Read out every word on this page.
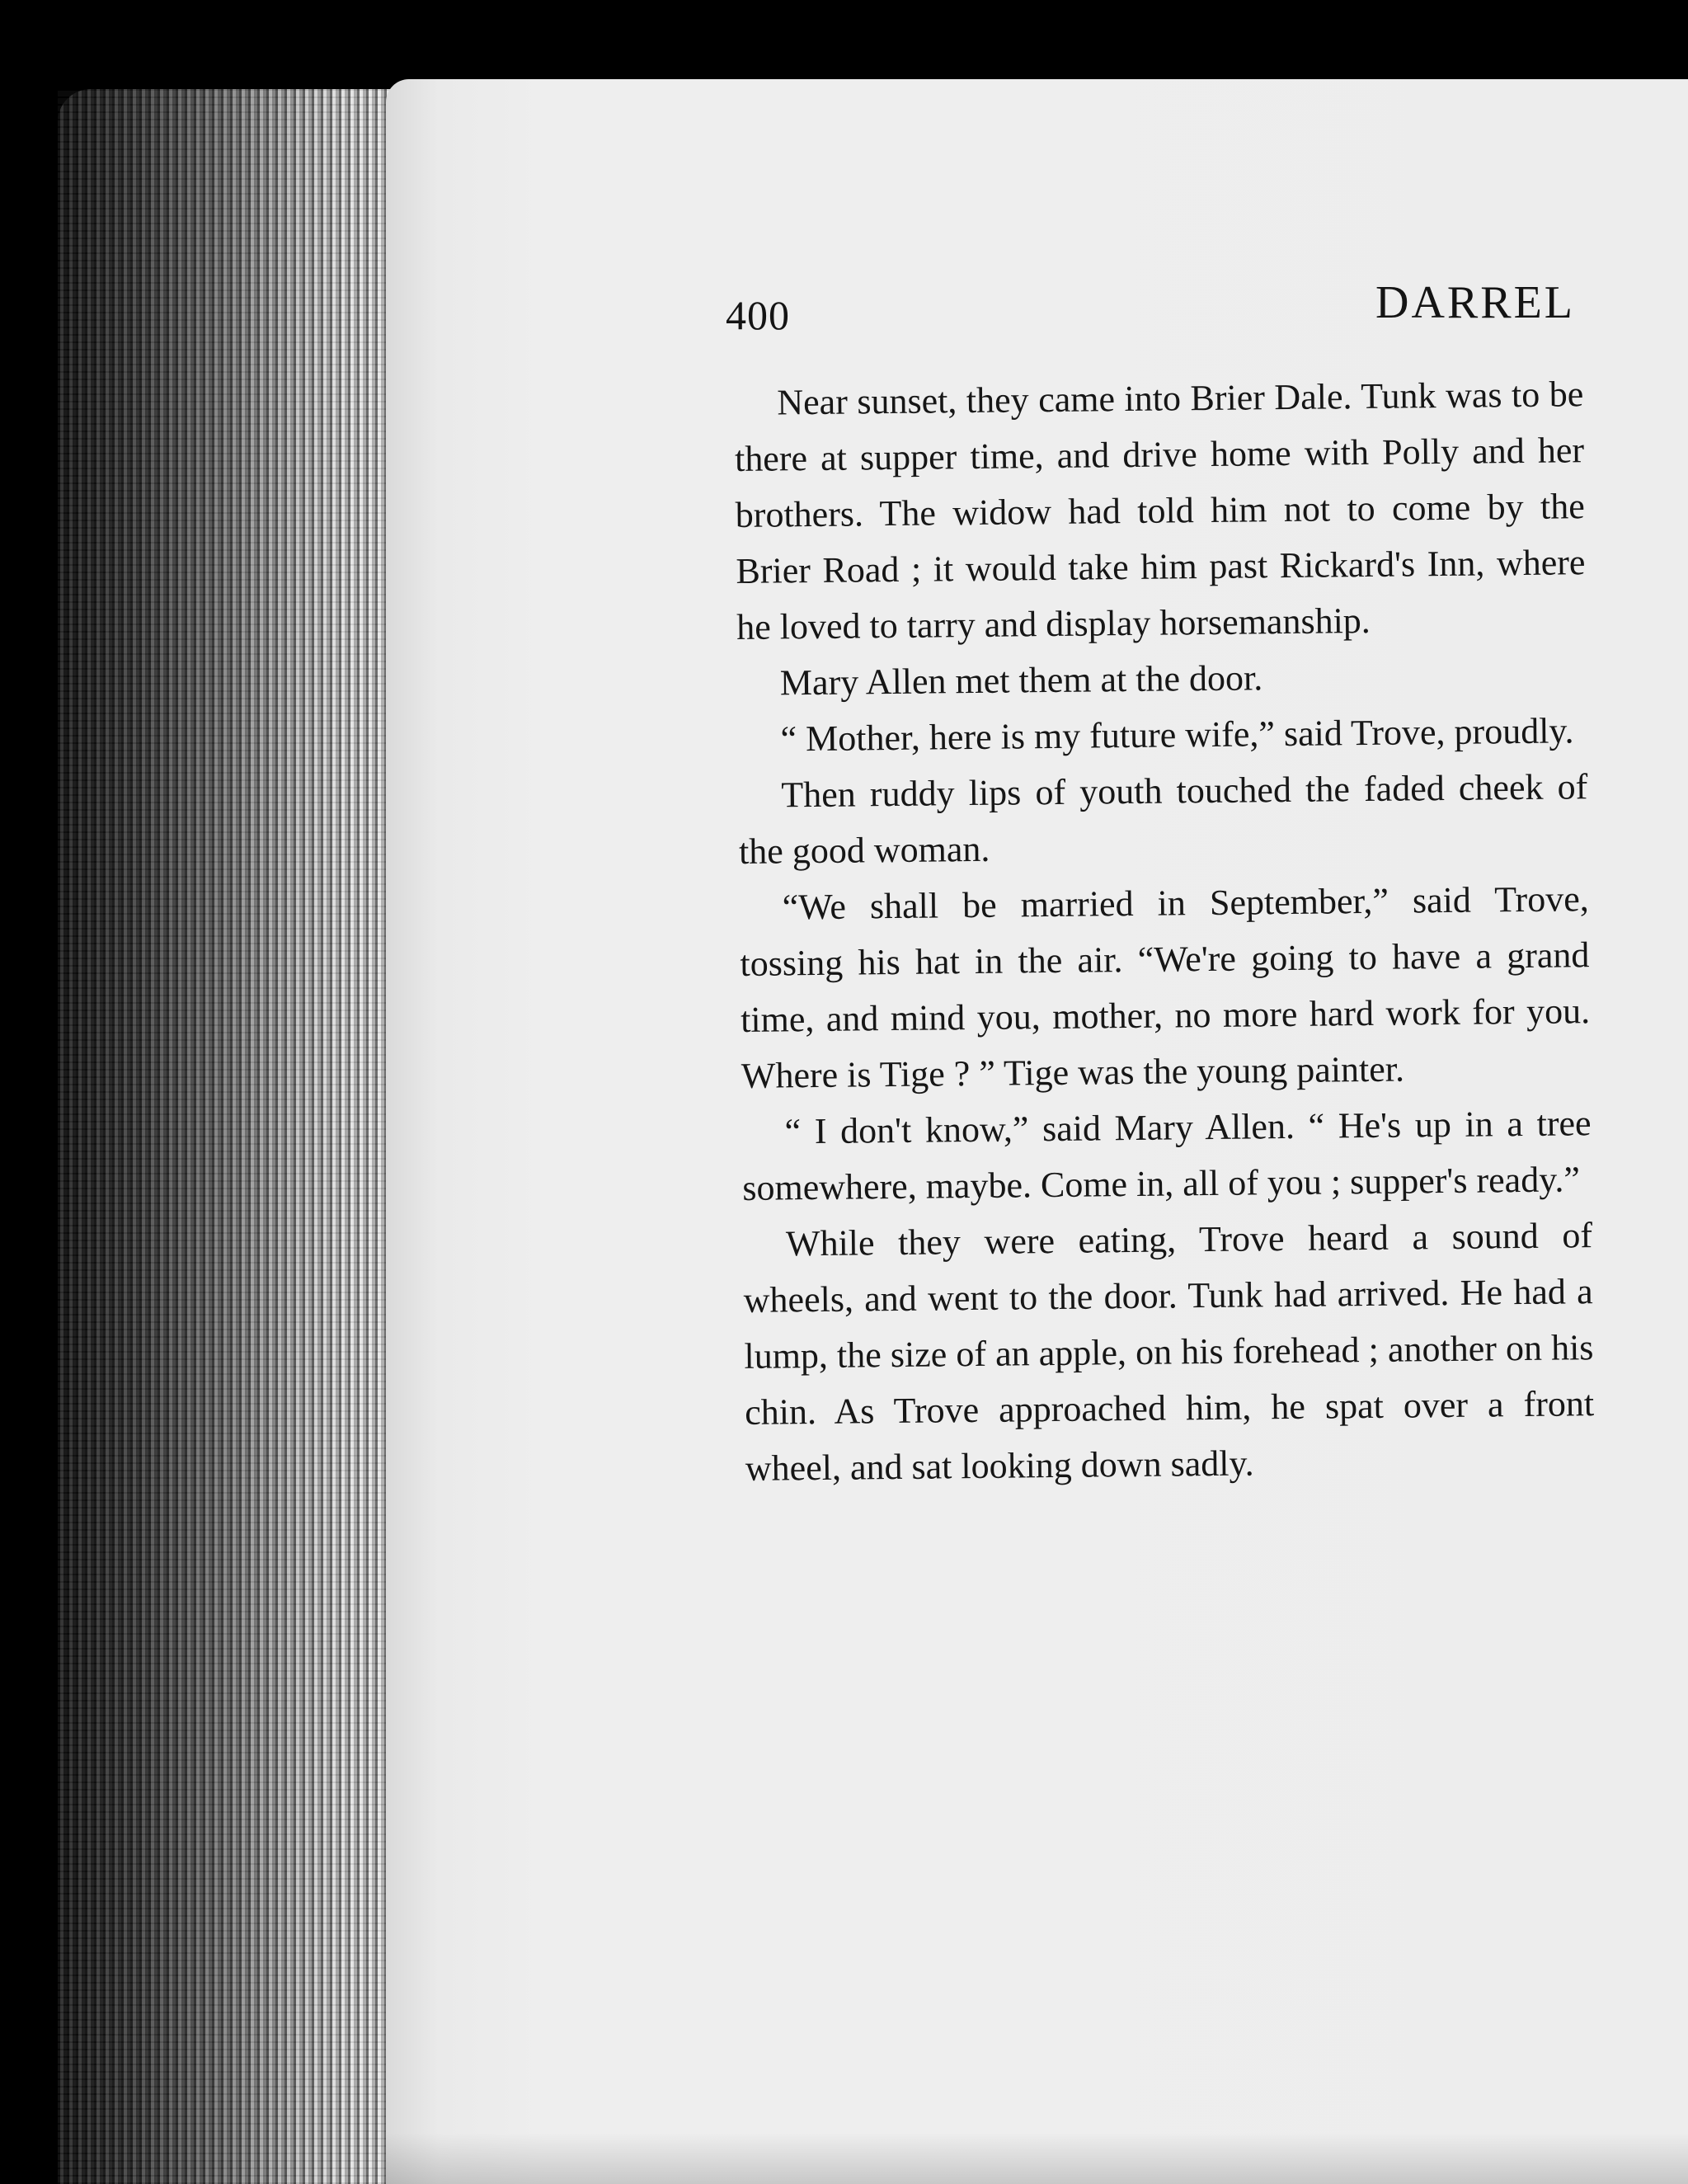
400	DARREL

Near sunset, they came into Brier Dale. Tunk was to be there at supper time, and drive home with Polly and her brothers. The widow had told him not to come by the Brier Road ; it would take him past Rickard's Inn, where he loved to tarry and display horsemanship.

Mary Allen met them at the door.

“ Mother, here is my future wife,” said Trove, proudly.

Then ruddy lips of youth touched the faded cheek of the good woman.

“We shall be married in September,” said Trove, tossing his hat in the air. “We're going to have a grand time, and mind you, mother, no more hard work for you. Where is Tige ? ” Tige was the young painter.

“ I don't know,” said Mary Allen. “ He's up in a tree somewhere, maybe. Come in, all of you ; supper's ready.”

While they were eating, Trove heard a sound of wheels, and went to the door. Tunk had arrived. He had a lump, the size of an apple, on his forehead ; another on his chin. As Trove approached him, he spat over a front wheel, and sat looking down sadly.
